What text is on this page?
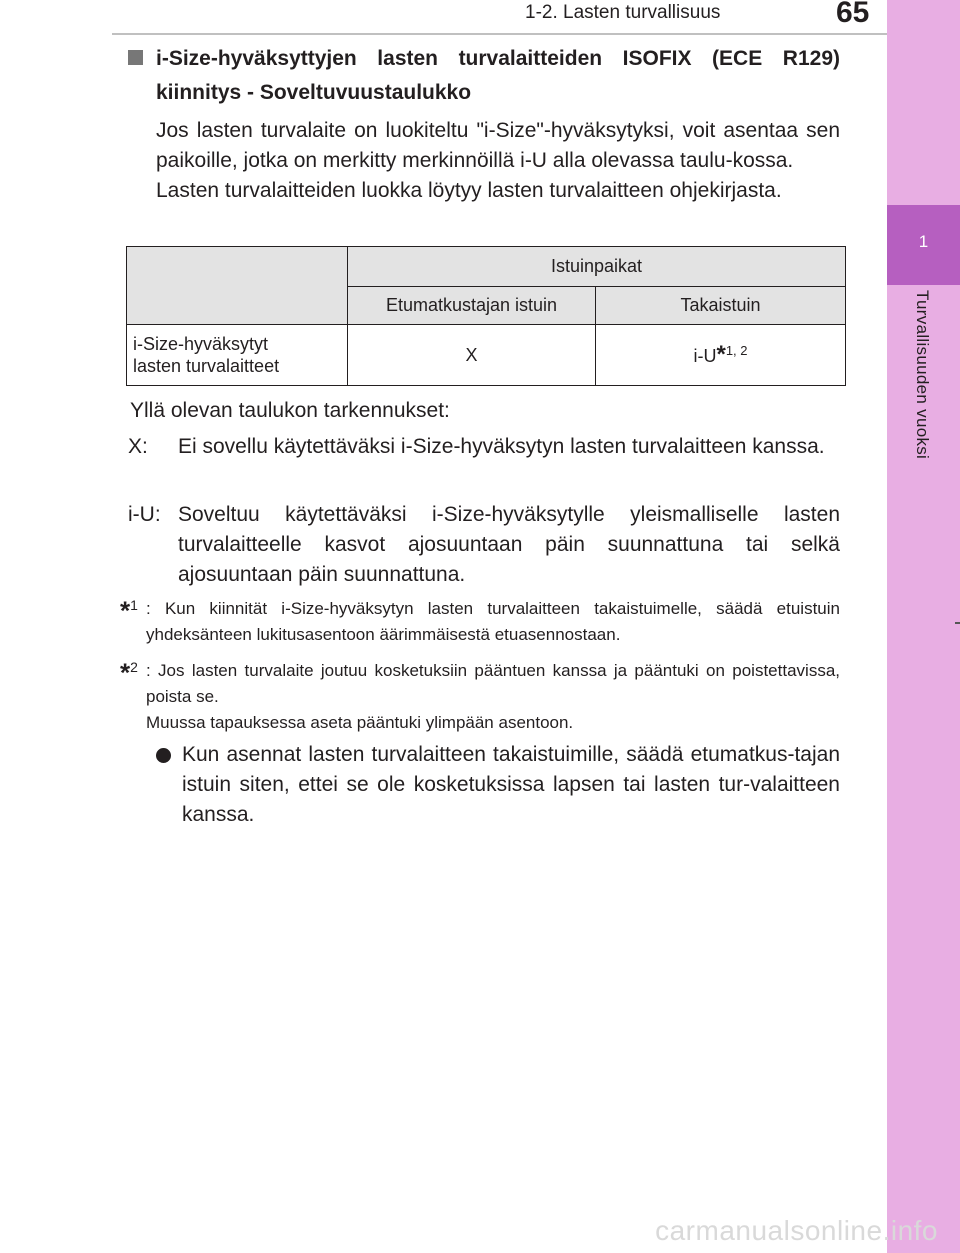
1-2. Lasten turvallisuus	65
1
Turvallisuuden vuoksi
i-Size-hyväksyttyjen lasten turvalaitteiden ISOFIX (ECE R129) kiinnitys - Soveltuvuustaulukko

Jos lasten turvalaite on luokiteltu "i-Size"-hyväksytyksi, voit asentaa sen paikoille, jotka on merkitty merkinnöillä i-U alla olevassa taulu-kossa.

Lasten turvalaitteiden luokka löytyy lasten turvalaitteen ohjekirjasta.

	Istuinpaikat	
	Etumatkustajan istuin	Takaistuin

i-Size-hyväksytyt
lasten turvalaitteet	X	i-U*$^{1, 2}$
Yllä olevan taulukon tarkennukset:
X: Ei sovellu käytettäväksi i-Size-hyväksytyn lasten turvalaitteen kanssa.
i-U: Soveltuu käytettäväksi i-Size-hyväksytylle yleismalliselle lasten turvalaitteelle kasvot ajosuuntaan päin suunnattuna tai selkä ajosuuntaan päin suunnattuna.
*$^1$ : Kun kiinnität i-Size-hyväksytyn lasten turvalaitteen takaistuimelle, säädä etuistuin yhdeksänteen lukitusasentoon äärimmäisestä etuasennostaan.
*$^2$ : Jos lasten turvalaite joutuu kosketuksiin pääntuen kanssa ja pääntuki on poistettavissa, poista se.
Muussa tapauksessa aseta pääntuki ylimpään asentoon.
Kun asennat lasten turvalaitteen takaistuimille, säädä etumatkus-tajan istuin siten, ettei se ole kosketuksissa lapsen tai lasten tur-valaitteen kanssa.
carmanualsonline.info
